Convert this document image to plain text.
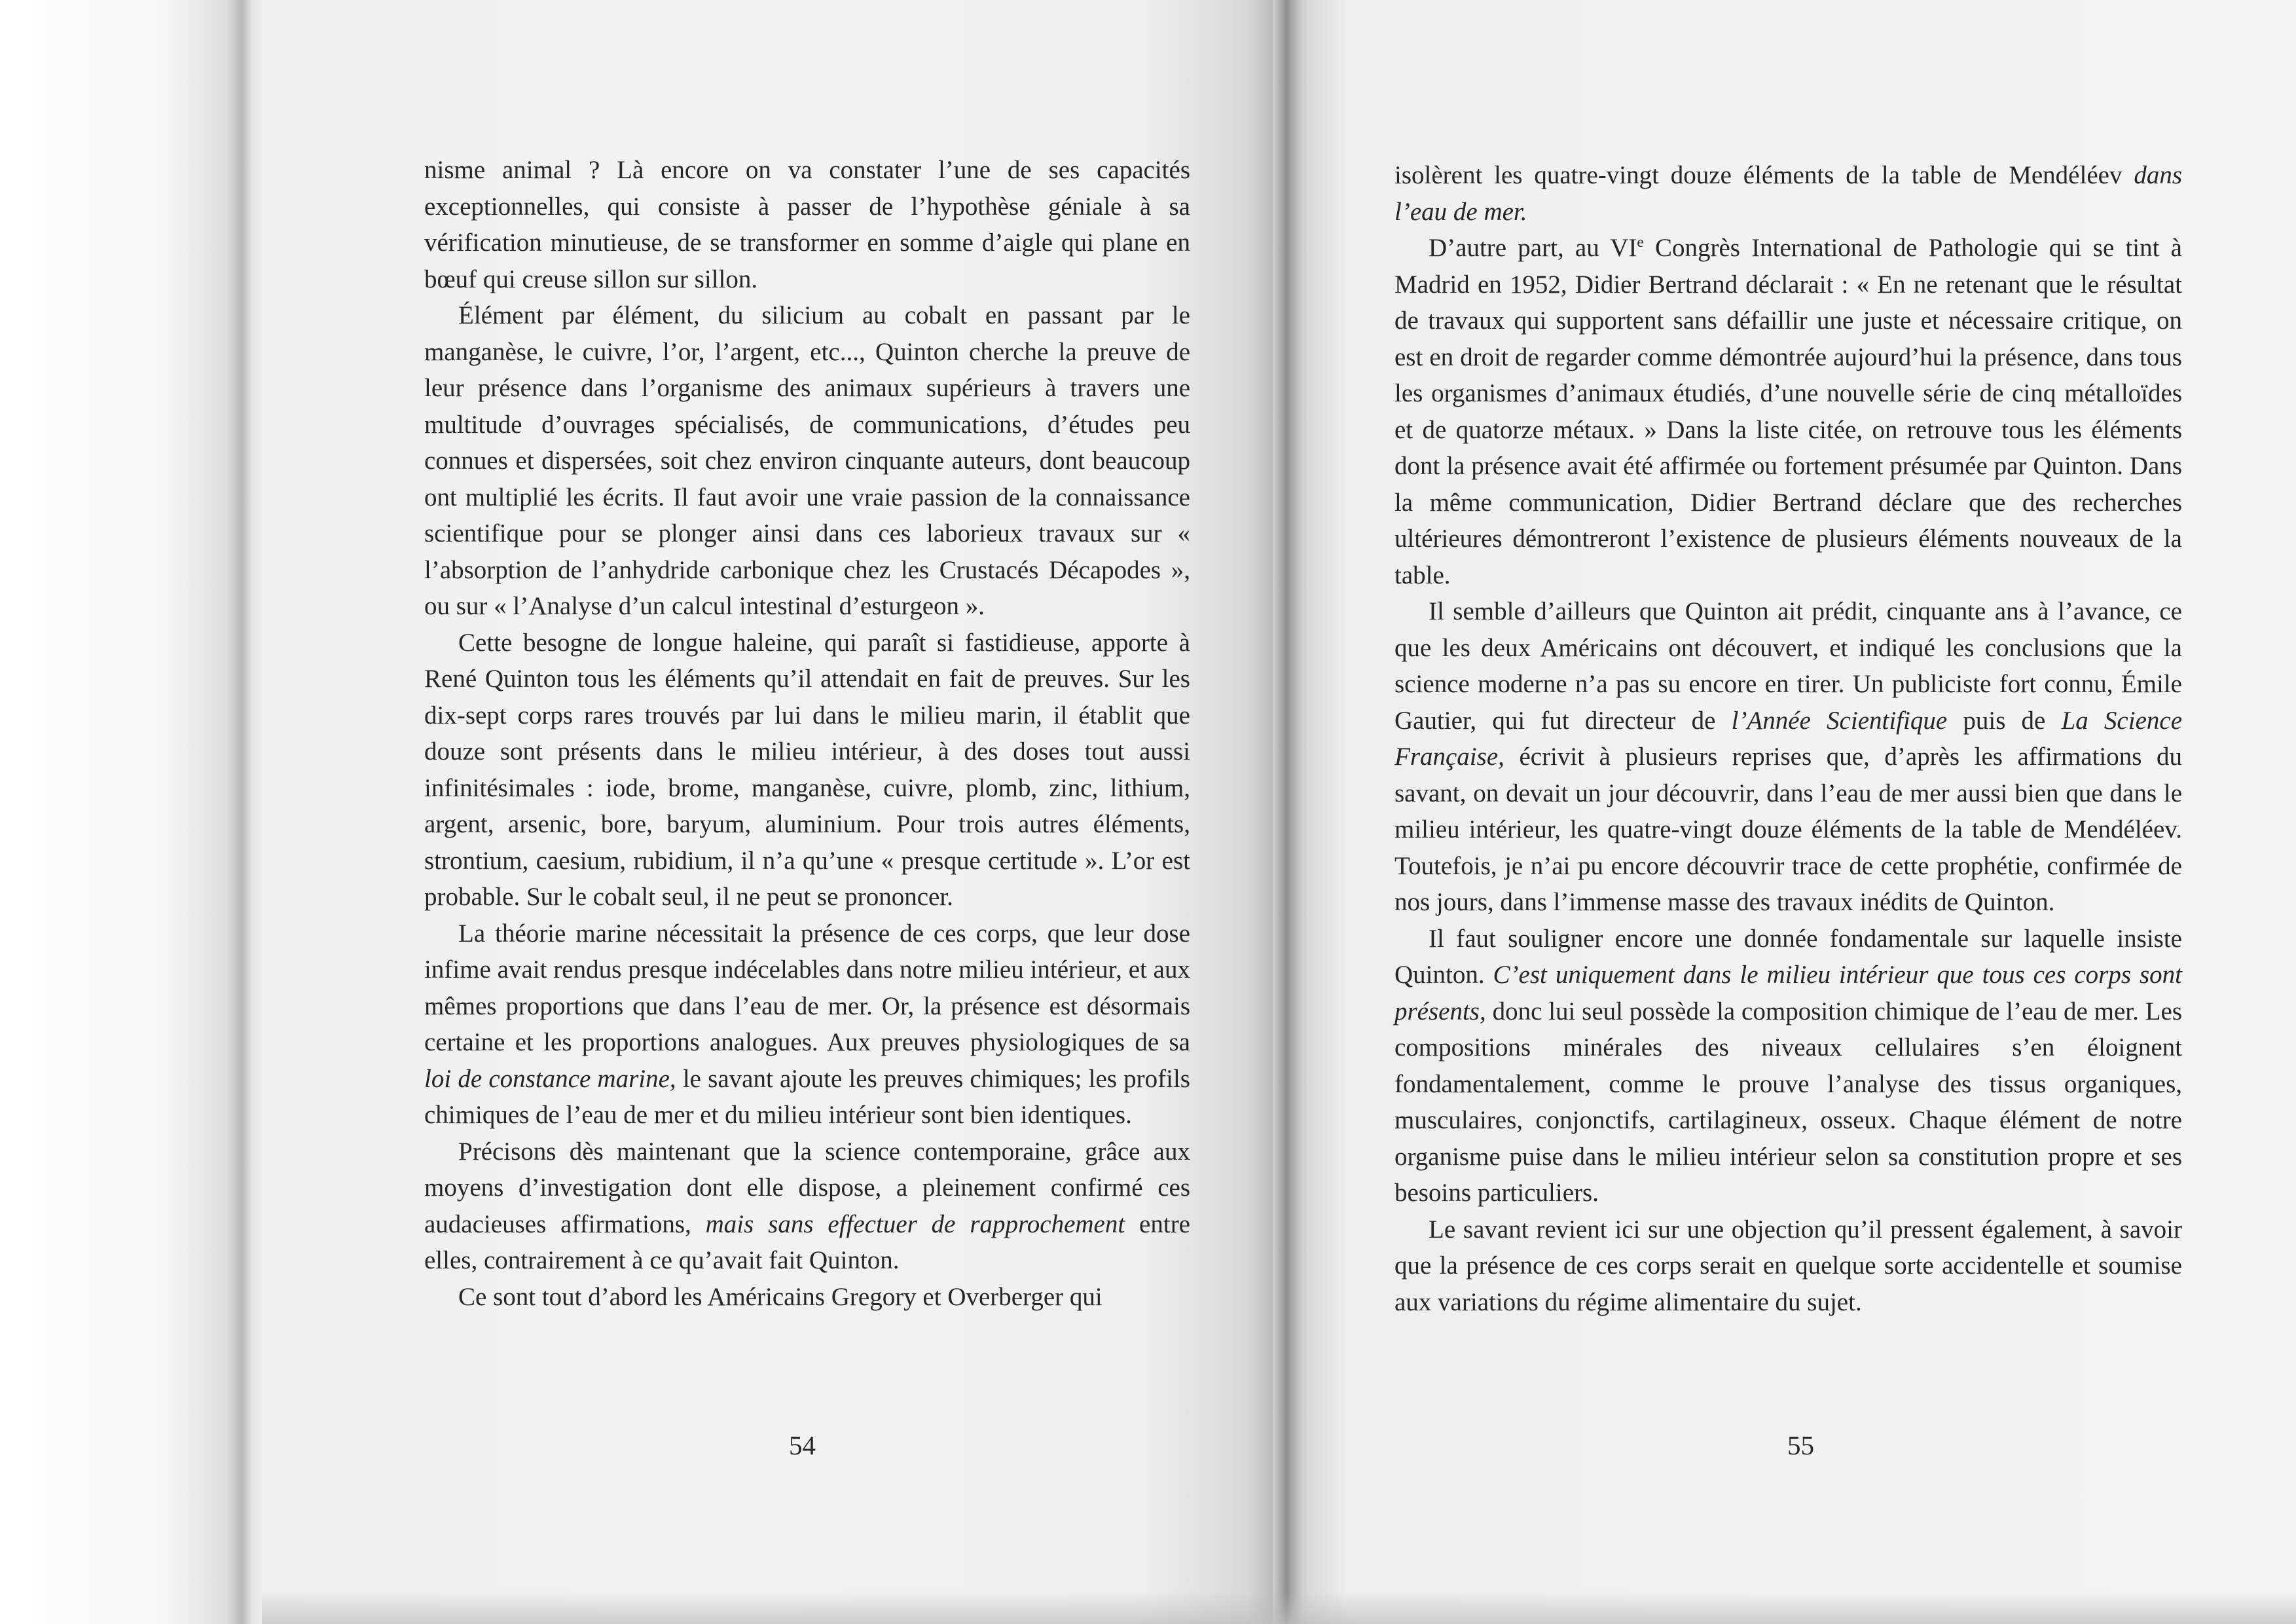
nisme animal ? Là encore on va constater l’une de ses capacités exceptionnelles, qui consiste à passer de l’hypothèse géniale à sa vérification minutieuse, de se transformer en somme d’aigle qui plane en bœuf qui creuse sillon sur sillon.

Élément par élément, du silicium au cobalt en passant par le manganèse, le cuivre, l’or, l’argent, etc..., Quinton cherche la preuve de leur présence dans l’organisme des animaux supérieurs à travers une multitude d’ouvrages spécialisés, de communications, d’études peu connues et dispersées, soit chez environ cinquante auteurs, dont beaucoup ont multiplié les écrits. Il faut avoir une vraie passion de la connaissance scientifique pour se plonger ainsi dans ces laborieux travaux sur « l’absorption de l’anhydride carbonique chez les Crustacés Décapodes », ou sur « l’Analyse d’un calcul intestinal d’esturgeon ».

Cette besogne de longue haleine, qui paraît si fastidieuse, apporte à René Quinton tous les éléments qu’il attendait en fait de preuves. Sur les dix-sept corps rares trouvés par lui dans le milieu marin, il établit que douze sont présents dans le milieu intérieur, à des doses tout aussi infinitésimales : iode, brome, manganèse, cuivre, plomb, zinc, lithium, argent, arsenic, bore, baryum, aluminium. Pour trois autres éléments, strontium, caesium, rubidium, il n’a qu’une « presque certitude ». L’or est probable. Sur le cobalt seul, il ne peut se prononcer.

La théorie marine nécessitait la présence de ces corps, que leur dose infime avait rendus presque indécelables dans notre milieu intérieur, et aux mêmes proportions que dans l’eau de mer. Or, la présence est désormais certaine et les proportions analogues. Aux preuves physiologiques de sa loi de constance marine, le savant ajoute les preuves chimiques; les profils chimiques de l’eau de mer et du milieu intérieur sont bien identiques.

Précisons dès maintenant que la science contemporaine, grâce aux moyens d’investigation dont elle dispose, a pleinement confirmé ces audacieuses affirmations, mais sans effectuer de rapprochement entre elles, contrairement à ce qu’avait fait Quinton.

Ce sont tout d’abord les Américains Gregory et Overberger qui

isolèrent les quatre-vingt douze éléments de la table de Mendéléev dans l’eau de mer.

D’autre part, au VIe Congrès International de Pathologie qui se tint à Madrid en 1952, Didier Bertrand déclarait : « En ne retenant que le résultat de travaux qui supportent sans défaillir une juste et nécessaire critique, on est en droit de regarder comme démontrée aujourd’hui la présence, dans tous les organismes d’animaux étudiés, d’une nouvelle série de cinq métalloïdes et de quatorze métaux. » Dans la liste citée, on retrouve tous les éléments dont la présence avait été affirmée ou fortement présumée par Quinton. Dans la même communication, Didier Bertrand déclare que des recherches ultérieures démontreront l’existence de plusieurs éléments nouveaux de la table.

Il semble d’ailleurs que Quinton ait prédit, cinquante ans à l’avance, ce que les deux Américains ont découvert, et indiqué les conclusions que la science moderne n’a pas su encore en tirer. Un publiciste fort connu, Émile Gautier, qui fut directeur de l’Année Scientifique puis de La Science Française, écrivit à plusieurs reprises que, d’après les affirmations du savant, on devait un jour découvrir, dans l’eau de mer aussi bien que dans le milieu intérieur, les quatre-vingt douze éléments de la table de Mendéléev. Toutefois, je n’ai pu encore découvrir trace de cette prophétie, confirmée de nos jours, dans l’immense masse des travaux inédits de Quinton.

Il faut souligner encore une donnée fondamentale sur laquelle insiste Quinton. C’est uniquement dans le milieu intérieur que tous ces corps sont présents, donc lui seul possède la composition chimique de l’eau de mer. Les compositions minérales des niveaux cellulaires s’en éloignent fondamentalement, comme le prouve l’analyse des tissus organiques, musculaires, conjonctifs, cartilagineux, osseux. Chaque élément de notre organisme puise dans le milieu intérieur selon sa constitution propre et ses besoins particuliers.

Le savant revient ici sur une objection qu’il pressent également, à savoir que la présence de ces corps serait en quelque sorte accidentelle et soumise aux variations du régime alimentaire du sujet.

54	55
